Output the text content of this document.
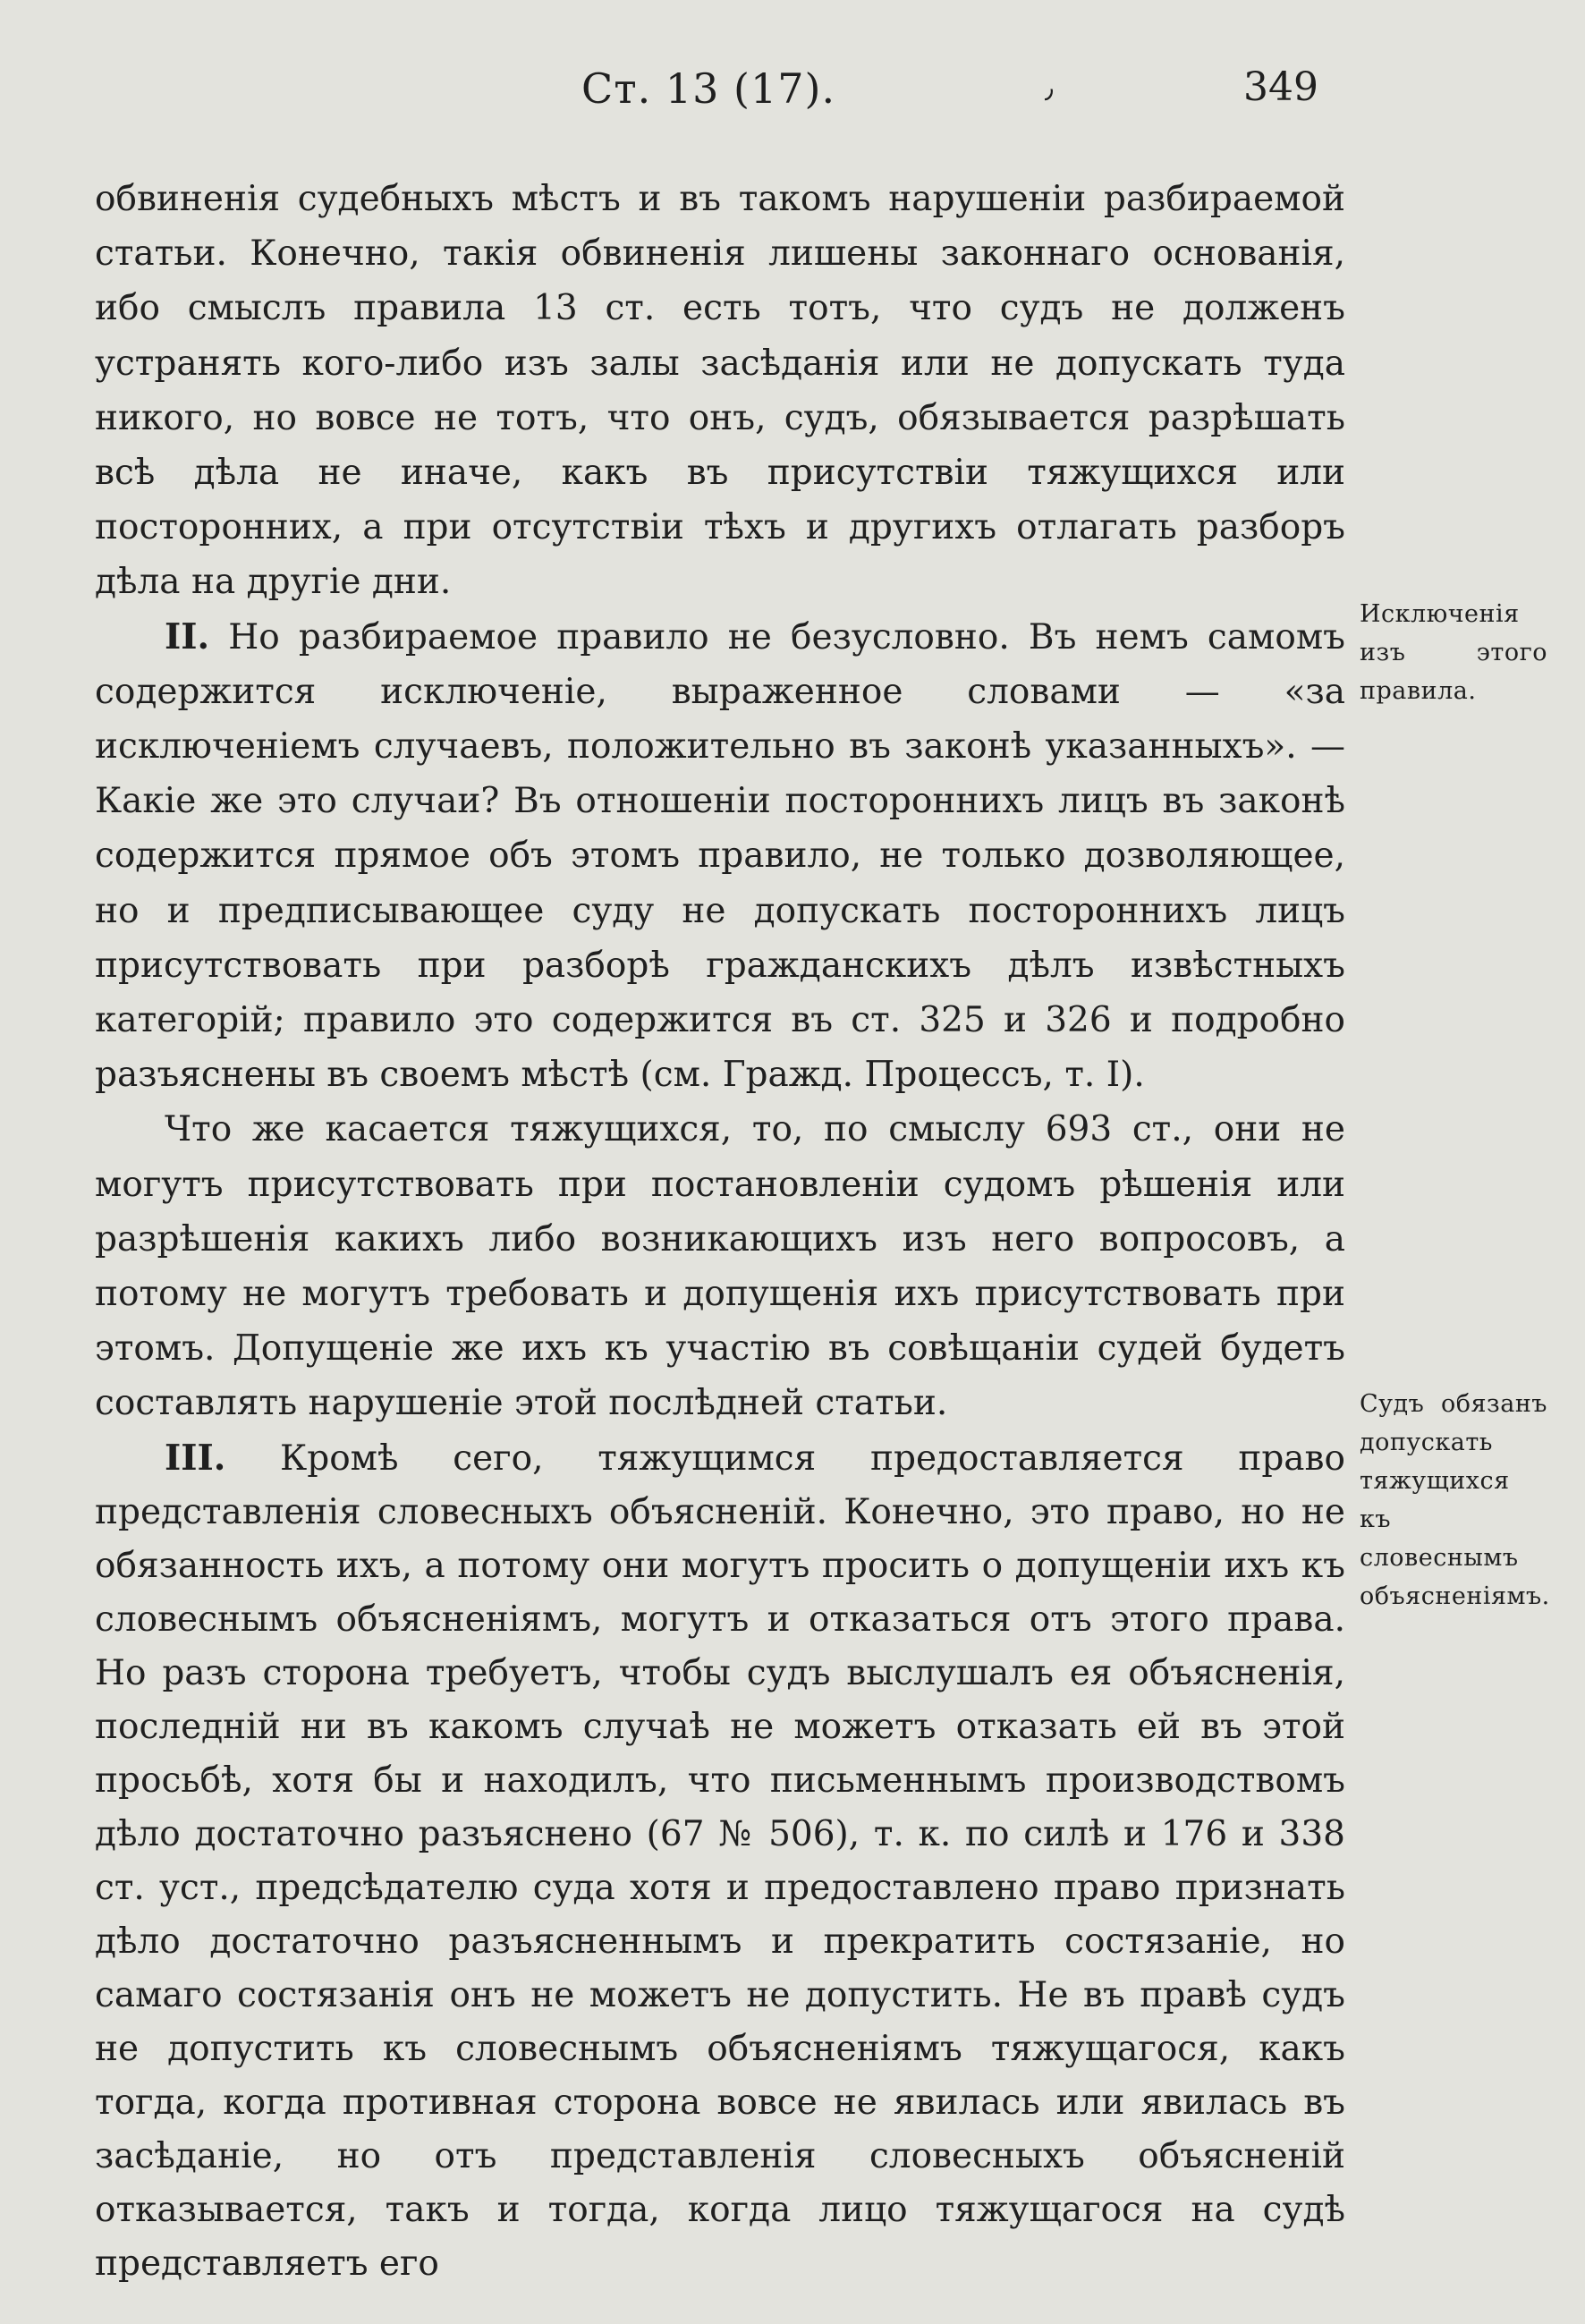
Ст. 13 (17).	٫	349

обвиненія судебныхъ мѣстъ и въ такомъ нарушеніи разбираемой статьи. Конечно, такія обвиненія лишены законнаго основанія, ибо смыслъ правила 13 ст. есть тотъ, что судъ не долженъ устранять кого-либо изъ залы засѣданія или не допускать туда никого, но вовсе не тотъ, что онъ, судъ, обязывается разрѣшать всѣ дѣла не иначе, какъ въ присутствіи тяжущихся или посторонних, а при отсутствіи тѣхъ и другихъ отлагать разборъ дѣла на другіе дни.

II. Но разбираемое правило не безусловно. Въ немъ самомъ содержится исключеніе, выраженное словами — «за исключеніемъ случаевъ, положительно въ законѣ указанныхъ». — Какіе же это случаи? Въ отношеніи постороннихъ лицъ въ законѣ содержится прямое объ этомъ правило, не только дозволяющее, но и предписывающее суду не допускать постороннихъ лицъ присутствовать при разборѣ гражданскихъ дѣлъ извѣстныхъ категорій; правило это содержится въ ст. 325 и 326 и подробно разъяснены въ своемъ мѣстѣ (см. Гражд. Процессъ, т. I).

Что же касается тяжущихся, то, по смыслу 693 ст., они не могутъ присутствовать при постановленіи судомъ рѣшенія или разрѣшенія какихъ либо возникающихъ изъ него вопросовъ, а потому не могутъ требовать и допущенія ихъ присутствовать при этомъ. Допущеніе же ихъ къ участію въ совѣщаніи судей будетъ составлять нарушеніе этой послѣдней статьи.

III. Кромѣ сего, тяжущимся предоставляется право представленія словесныхъ объясненій. Конечно, это право, но не обязанность ихъ, а потому они могутъ просить о допущеніи ихъ къ словеснымъ объясненіямъ, могутъ и отказаться отъ этого права. Но разъ сторона требуетъ, чтобы судъ выслушалъ ея объясненія, последній ни въ какомъ случаѣ не можетъ отказать ей въ этой просьбѣ, хотя бы и находилъ, что письменнымъ производствомъ дѣло достаточно разъяснено (67 № 506), т. к. по силѣ и 176 и 338 ст. уст., предсѣдателю суда хотя и предоставлено право признать дѣло достаточно разъясненнымъ и прекратить состязаніе, но самаго состязанія онъ не можетъ не допустить. Не въ правѣ судъ не допустить къ словеснымъ объясненіямъ тяжущагося, какъ тогда, когда противная сторона вовсе не явилась или явилась въ засѣданіе, но отъ представленія словесныхъ объясненій отказывается, такъ и тогда, когда лицо тяжущагося на судѣ представляетъ его

Исключенія изъ этого правила.
Судъ обязанъ допускать тяжущихся къ словеснымъ объясненіямъ.
